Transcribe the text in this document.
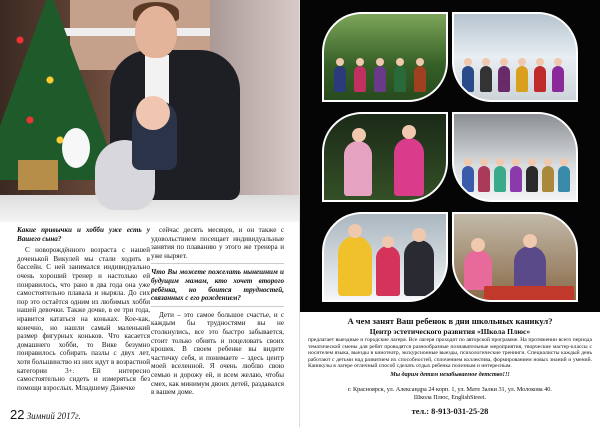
Какие привычки и хобби уже есть у Вашего сына?

С новорождённого возраста с нашей доченькой Викулей мы стали ходить в бассейн. С ней занимался индивидуально очень хороший тренер и настолько ей понравилось, что рано в два года она уже самостоятельно плавала и ныряла. До сих пор это остаётся одним из любимых хобби нашей девочки. Также дочке, в ее три года, нравится кататься на коньках. Кое-как, конечно, но нашли самый маленький размер фигурных коньков. Что касается домашнего хобби, то Вике безумно понравилось собирать пазлы с двух лет, хотя большинство из них идут в возрастной категории 3+. Ей интересно самостоятельно сидеть и измеряться без помощи взрослых. Младшему Данечке

сейчас десять месяцев, и он также с удовольствием посещает индивидуальные занятия по плаванию у этого же тренера и уже ныряет.

Что Вы можете пожелать нынешним и будущим мамам, кто хочет второго ребёнка, но боится трудностей, связанных с его рождением?

Дети – это самое большое счастье, и с каждым бы трудностями вы не столкнулись, все это быстро забывается, стоит только обнять и поцеловать своих крошек. В своем ребенке вы видите частичку себя, и понимаете – здесь центр моей вселенной. Я очень люблю свою семью и дорожу ей, и всем желаю, чтобы смех, как минимум двоих детей, раздавался в вашем доме.

22 Зимний 2017г.
А чем занят Ваш ребенок в дни школьных каникул?
Центр эстетического развития «Школа Плюс»
предлагает выездные и городские лагеря. Все лагеря проходят по авторской программе. На протяжении всего периода тематической смены для ребят проводятся разнообразные познавательные мероприятия, творческие мастер-классы с носителем языка, выезды в кинотеатр, экскурсионные выезды, психологические тренинги. Специалисты каждый день работают с детьми над развитием их способностей, сплочением коллектива, формированием новых знаний и умений. Каникулы в лагере отличный способ сделать отдых ребенка полезным и интересным.
Мы дарим детям незабываемое детство!!!
г. Красноярск, ул. Александра 24 корп. 1, ул. Мате Залки 31, ул. Молокова 40.
Школа Плюс, EnglishStreet.
тел.: 8-913-031-25-28
